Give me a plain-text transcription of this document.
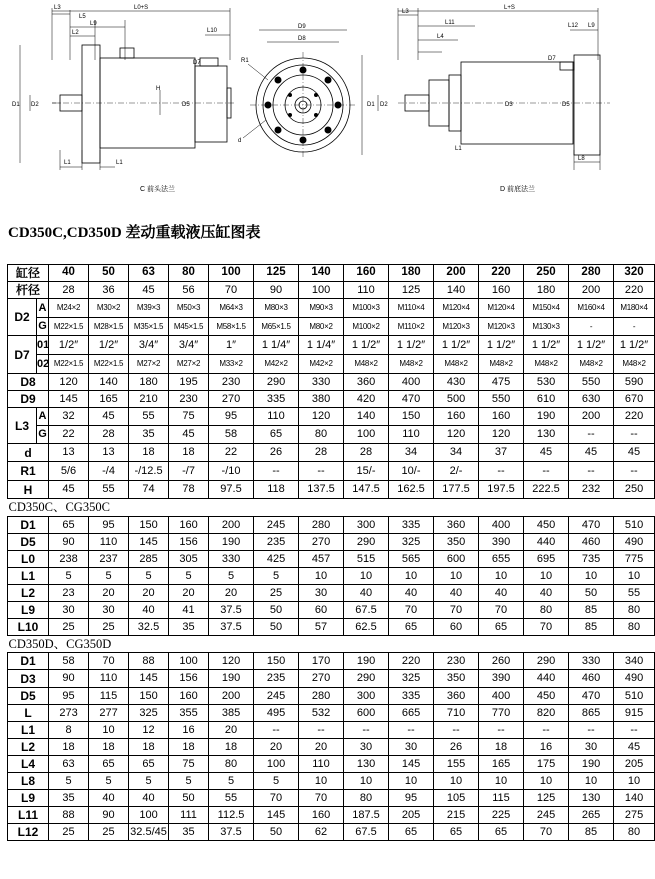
L3	L0+S
L2
L9
L5
L10
D7
D1 D2
H
D5
L1	L1
C 前头法兰
D9
D8
R1
d
L3
L+S
L11
L4
L12 L9
D7
D1 D2	D3	D5
L8
L1
D 前底法兰
CD350C,CD350D 差动重载液压缸图表
缸径		40	50	63	80	100	125	140	160	180	200	220	250	280	320
杆径		28	36	45	56	70	90	100	110	125	140	160	180	200	220
D2	A	M24×2	M30×2	M39×3	M50×3	M64×3	M80×3	M90×3	M100×3	M110×4	M120×4	M120×4	M150×4	M160×4	M180×4
	G	M22×1.5	M28×1.5	M35×1.5	M45×1.5	M58×1.5	M65×1.5	M80×2	M100×2	M110×2	M120×3	M120×3	M130×3	-	-
D7	01	1/2″	1/2″	3/4″	3/4″	1″	1 1/4″	1 1/4″	1 1/2″	1 1/2″	1 1/2″	1 1/2″	1 1/2″	1 1/2″	1 1/2″
	02	M22×1.5	M22×1.5	M27×2	M27×2	M33×2	M42×2	M42×2	M48×2	M48×2	M48×2	M48×2	M48×2	M48×2	M48×2
D8		120	140	180	195	230	290	330	360	400	430	475	530	550	590
D9		145	165	210	230	270	335	380	420	470	500	550	610	630	670
L3	A	32	45	55	75	95	110	120	140	150	160	160	190	200	220
	G	22	28	35	45	58	65	80	100	110	120	120	130	--	--
d		13	13	18	18	22	26	28	28	34	34	37	45	45	45
R1		5/6	-/4	-/12.5	-/7	-/10	--	--	15/-	10/-	2/-	--	--	--	--
H		45	55	74	78	97.5	118	137.5	147.5	162.5	177.5	197.5	222.5	232	250
CD350C、CG350C															
D1		65	95	150	160	200	245	280	300	335	360	400	450	470	510
D5		90	110	145	156	190	235	270	290	325	350	390	440	460	490
L0		238	237	285	305	330	425	457	515	565	600	655	695	735	775
L1		5	5	5	5	5	5	10	10	10	10	10	10	10	10
L2		23	20	20	20	20	25	30	40	40	40	40	40	50	55
L9		30	30	40	41	37.5	50	60	67.5	70	70	70	80	85	80
L10		25	25	32.5	35	37.5	50	57	62.5	65	60	65	70	85	80
CD350D、CG350D															
D1		58	70	88	100	120	150	170	190	220	230	260	290	330	340
D3		90	110	145	156	190	235	270	290	325	350	390	440	460	490
D5		95	115	150	160	200	245	280	300	335	360	400	450	470	510
L		273	277	325	355	385	495	532	600	665	710	770	820	865	915
L1		8	10	12	16	20	--	--	--	--	--	--	--	--	--
L2		18	18	18	18	18	20	20	30	30	26	18	16	30	45
L4		63	65	65	75	80	100	110	130	145	155	165	175	190	205
L8		5	5	5	5	5	5	10	10	10	10	10	10	10	10
L9		35	40	40	50	55	70	70	80	95	105	115	125	130	140
L11		88	90	100	111	112.5	145	160	187.5	205	215	225	245	265	275
L12		25	25	32.5/45	35	37.5	50	62	67.5	65	65	65	70	85	80
